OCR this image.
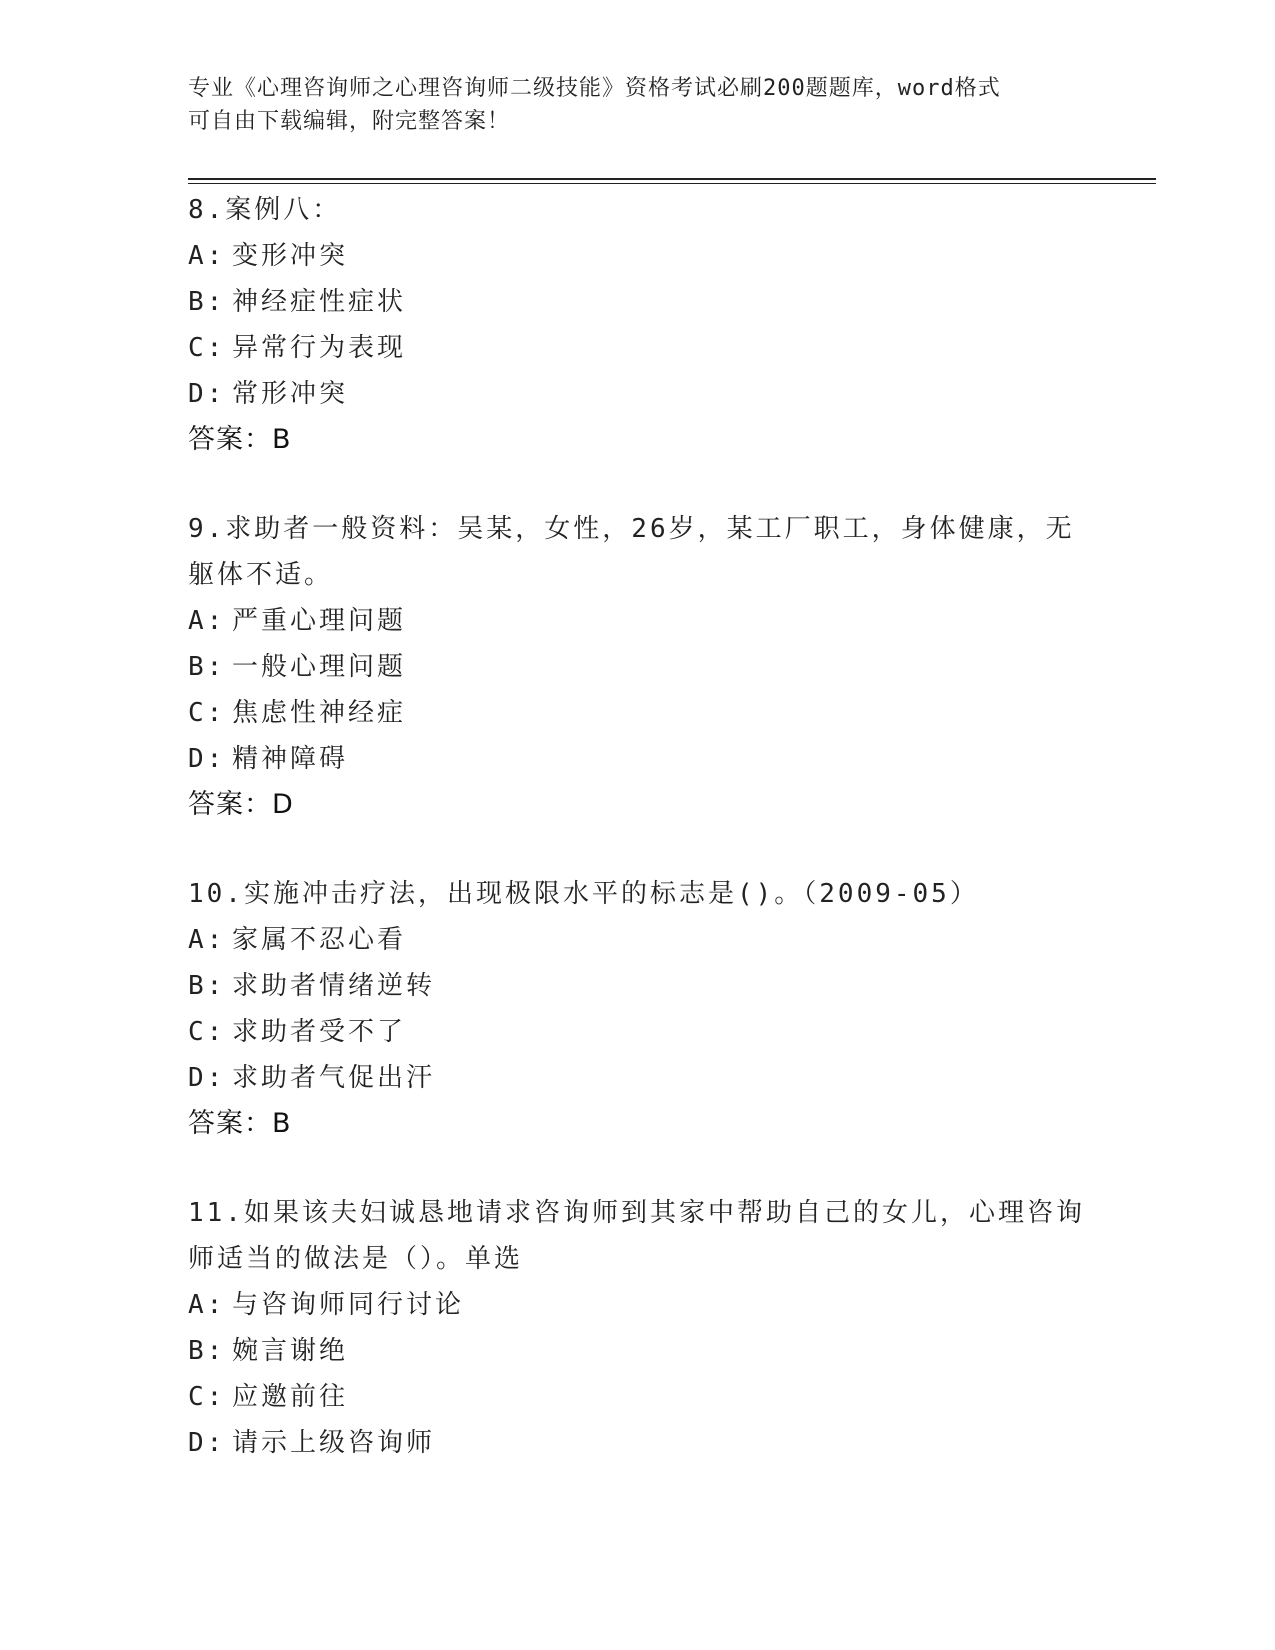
专业《心理咨询师之心理咨询师二级技能》资格考试必刷200题题库，word格式
可自由下载编辑，附完整答案！
8.案例八：
A: 变形冲突
B: 神经症性症状
C: 异常行为表现
D: 常形冲突
答案：B
9.求助者一般资料：吴某，女性，26岁，某工厂职工，身体健康，无
躯体不适。
A: 严重心理问题
B: 一般心理问题
C: 焦虑性神经症
D: 精神障碍
答案：D
10.实施冲击疗法，出现极限水平的标志是()。（2009-05）
A: 家属不忍心看
B: 求助者情绪逆转
C: 求助者受不了
D: 求助者气促出汗
答案：B
11.如果该夫妇诚恳地请求咨询师到其家中帮助自己的女儿，心理咨询
师适当的做法是（）。单选
A: 与咨询师同行讨论
B: 婉言谢绝
C: 应邀前往
D: 请示上级咨询师
